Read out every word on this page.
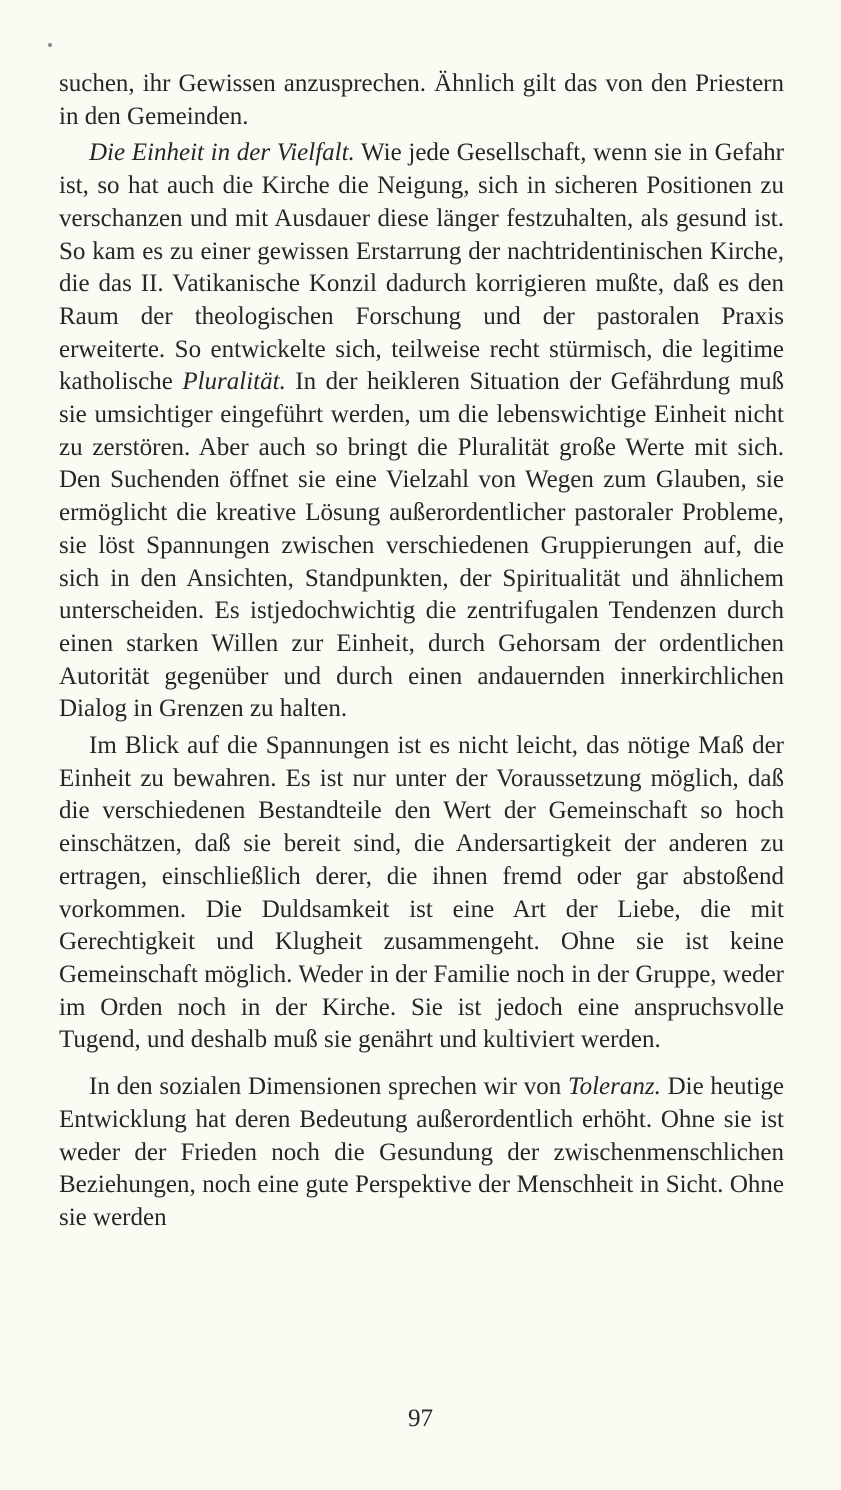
suchen, ihr Gewissen anzusprechen. Ähnlich gilt das von den Priestern in den Gemeinden.

Die Einheit in der Vielfalt. Wie jede Gesellschaft, wenn sie in Gefahr ist, so hat auch die Kirche die Neigung, sich in sicheren Positionen zu verschanzen und mit Ausdauer diese länger festzuhalten, als gesund ist. So kam es zu einer gewissen Erstarrung der nachtridentinischen Kirche, die das II. Vatikanische Konzil dadurch korrigieren mußte, daß es den Raum der theologischen Forschung und der pastoralen Praxis erweiterte. So entwickelte sich, teilweise recht stürmisch, die legitime katholische Pluralität. In der heikleren Situation der Gefährdung muß sie umsichtiger eingeführt werden, um die lebenswichtige Einheit nicht zu zerstören. Aber auch so bringt die Pluralität große Werte mit sich. Den Suchenden öffnet sie eine Vielzahl von Wegen zum Glauben, sie ermöglicht die kreative Lösung außerordentlicher pastoraler Probleme, sie löst Spannungen zwischen verschiedenen Gruppierungen auf, die sich in den Ansichten, Standpunkten, der Spiritualität und ähnlichem unterscheiden. Es istjedochwichtig die zentrifugalen Tendenzen durch einen starken Willen zur Einheit, durch Gehorsam der ordentlichen Autorität gegenüber und durch einen andauernden innerkirchlichen Dialog in Grenzen zu halten.

Im Blick auf die Spannungen ist es nicht leicht, das nötige Maß der Einheit zu bewahren. Es ist nur unter der Voraussetzung möglich, daß die verschiedenen Bestandteile den Wert der Gemeinschaft so hoch einschätzen, daß sie bereit sind, die Andersartigkeit der anderen zu ertragen, einschließlich derer, die ihnen fremd oder gar abstoßend vorkommen. Die Duldsamkeit ist eine Art der Liebe, die mit Gerechtigkeit und Klugheit zusammengeht. Ohne sie ist keine Gemeinschaft möglich. Weder in der Familie noch in der Gruppe, weder im Orden noch in der Kirche. Sie ist jedoch eine anspruchsvolle Tugend, und deshalb muß sie genährt und kultiviert werden.

In den sozialen Dimensionen sprechen wir von Toleranz. Die heutige Entwicklung hat deren Bedeutung außerordentlich erhöht. Ohne sie ist weder der Frieden noch die Gesundung der zwischenmenschlichen Beziehungen, noch eine gute Perspektive der Menschheit in Sicht. Ohne sie werden

97
